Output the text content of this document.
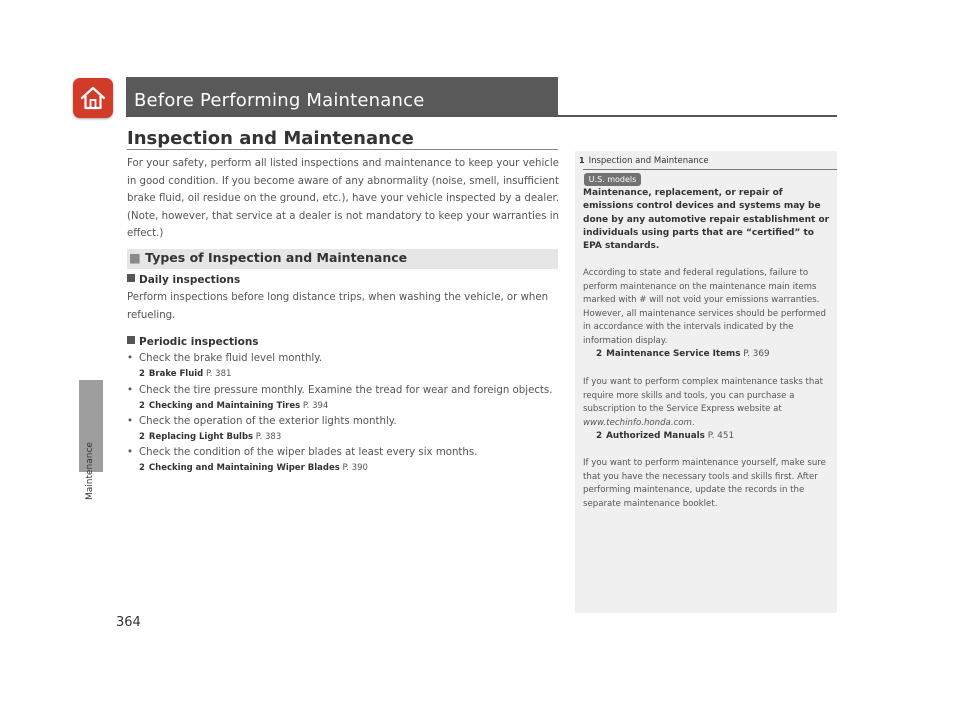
Maintenance
364
Before Performing Maintenance
Inspection and Maintenance
For your safety, perform all listed inspections and maintenance to keep your vehicle in good condition. If you become aware of any abnormality (noise, smell, insufficient brake fluid, oil residue on the ground, etc.), have your vehicle inspected by a dealer. (Note, however, that service at a dealer is not mandatory to keep your warranties in effect.)
■ Types of Inspection and Maintenance
Daily inspections
Perform inspections before long distance trips, when washing the vehicle, or when refueling.
Periodic inspections
• Check the brake fluid level monthly.
2 Brake Fluid P. 381
• Check the tire pressure monthly. Examine the tread for wear and foreign objects.
2 Checking and Maintaining Tires P. 394
• Check the operation of the exterior lights monthly.
2 Replacing Light Bulbs P. 383
• Check the condition of the wiper blades at least every six months.
2 Checking and Maintaining Wiper Blades P. 390
1 Inspection and Maintenance
U.S. models
Maintenance, replacement, or repair of emissions control devices and systems may be done by any automotive repair establishment or individuals using parts that are “certified” to EPA standards.
According to state and federal regulations, failure to perform maintenance on the maintenance main items marked with # will not void your emissions warranties. However, all maintenance services should be performed in accordance with the intervals indicated by the information display.
2 Maintenance Service Items P. 369
If you want to perform complex maintenance tasks that require more skills and tools, you can purchase a subscription to the Service Express website at www.techinfo.honda.com.
2 Authorized Manuals P. 451
If you want to perform maintenance yourself, make sure that you have the necessary tools and skills first. After performing maintenance, update the records in the separate maintenance booklet.
